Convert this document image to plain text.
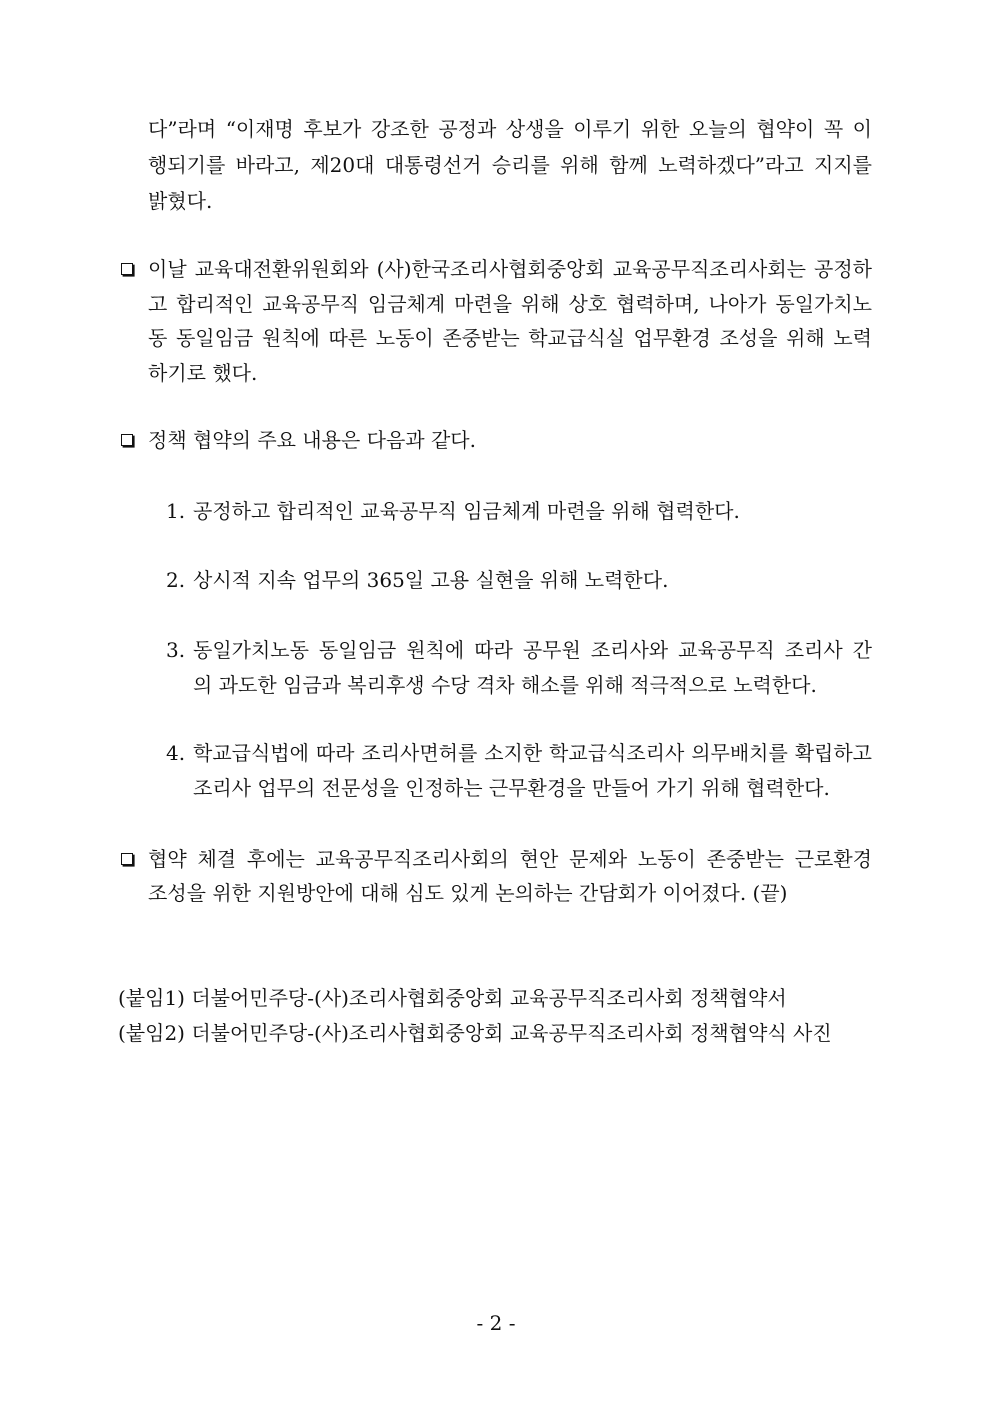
다”라며 “이재명 후보가 강조한 공정과 상생을 이루기 위한 오늘의 협약이 꼭 이
행되기를 바라고, 제20대 대통령선거 승리를 위해 함께 노력하겠다”라고 지지를
밝혔다.
이날 교육대전환위원회와 (사)한국조리사협회중앙회 교육공무직조리사회는 공정하
고 합리적인 교육공무직 임금체계 마련을 위해 상호 협력하며, 나아가 동일가치노
동 동일임금 원칙에 따른 노동이 존중받는 학교급식실 업무환경 조성을 위해 노력
하기로 했다.
정책 협약의 주요 내용은 다음과 같다.
1. 공정하고 합리적인 교육공무직 임금체계 마련을 위해 협력한다.
2. 상시적 지속 업무의 365일 고용 실현을 위해 노력한다.
3. 동일가치노동 동일임금 원칙에 따라 공무원 조리사와 교육공무직 조리사 간
의 과도한 임금과 복리후생 수당 격차 해소를 위해 적극적으로 노력한다.
4. 학교급식법에 따라 조리사면허를 소지한 학교급식조리사 의무배치를 확립하고
조리사 업무의 전문성을 인정하는 근무환경을 만들어 가기 위해 협력한다.
협약 체결 후에는 교육공무직조리사회의 현안 문제와 노동이 존중받는 근로환경
조성을 위한 지원방안에 대해 심도 있게 논의하는 간담회가 이어졌다. (끝)
(붙임1) 더불어민주당-(사)조리사협회중앙회 교육공무직조리사회 정책협약서
(붙임2) 더불어민주당-(사)조리사협회중앙회 교육공무직조리사회 정책협약식 사진
- 2 -
